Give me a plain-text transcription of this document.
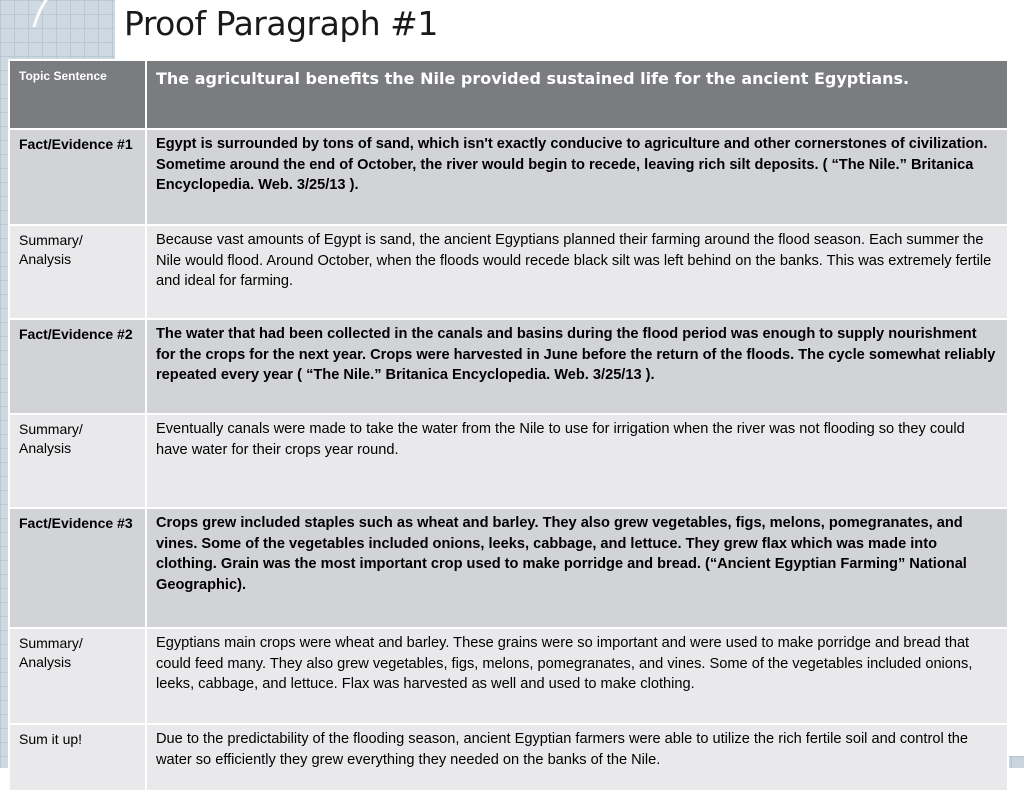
Proof Paragraph #1
Topic Sentence	The agricultural benefits the Nile provided sustained life for the ancient Egyptians.
Fact/Evidence #1	Egypt is surrounded by tons of sand, which isn't exactly conducive to agriculture and other cornerstones of civilization. Sometime around the end of October, the river would begin to recede, leaving rich silt deposits. ( “The Nile.” Britanica Encyclopedia. Web. 3/25/13 ).
Summary/ Analysis	Because vast amounts of Egypt is sand, the ancient Egyptians planned their farming around the flood season. Each summer the Nile would flood. Around October, when the floods would recede black silt was left behind on the banks. This was extremely fertile and ideal for farming.
Fact/Evidence #2	The water that had been collected in the canals and basins during the flood period was enough to supply nourishment for the crops for the next year. Crops were harvested in June before the return of the floods. The cycle somewhat reliably repeated every year ( “The Nile.” Britanica Encyclopedia. Web. 3/25/13 ).
Summary/ Analysis	Eventually canals were made to take the water from the Nile to use for irrigation when the river was not flooding so they could have water for their crops year round.
Fact/Evidence #3	Crops grew included staples such as wheat and barley. They also grew vegetables, figs, melons, pomegranates, and vines. Some of the vegetables included onions, leeks, cabbage, and lettuce. They grew flax which was made into clothing. Grain was the most important crop used to make porridge and bread. (“Ancient Egyptian Farming” National Geographic).
Summary/ Analysis	Egyptians main crops were wheat and barley. These grains were so important and were used to make porridge and bread that could feed many. They also grew vegetables, figs, melons, pomegranates, and vines. Some of the vegetables included onions, leeks, cabbage, and lettuce. Flax was harvested as well and used to make clothing.
Sum it up!	Due to the predictability of the flooding season, ancient Egyptian farmers were able to utilize the rich fertile soil and control the water so efficiently they grew everything they needed on the banks of the Nile.
